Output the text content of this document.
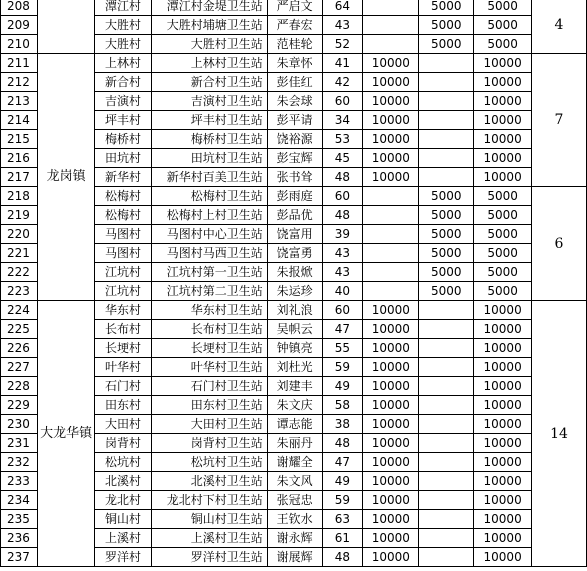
208		潭江村	潭江村金堤卫生站	严启文	64		5000	5000	4
209		大胜村	大胜村埔塘卫生站	严春宏	43		5000	5000	
210		大胜村	大胜村卫生站	范桂轮	52		5000	5000	
211	龙岗镇	上林村	上林村卫生站	朱章怀	41	10000		10000	7
212		新合村	新合村卫生站	彭佳红	42	10000		10000	
213		吉演村	吉演村卫生站	朱会球	60	10000		10000	
214		坪丰村	坪丰村卫生站	彭平请	34	10000		10000	
215		梅桥村	梅桥村卫生站	饶裕源	53	10000		10000	
216		田坑村	田坑村卫生站	彭宝辉	45	10000		10000	
217		新华村	新华村百美卫生站	张书耸	48	10000		10000	
218		松梅村	松梅村卫生站	彭雨庭	60		5000	5000	6
219		松梅村	松梅村上村卫生站	彭品优	48		5000	5000	
220		马图村	马图村中心卫生站	饶富用	39		5000	5000	
221		马图村	马图村马西卫生站	饶富勇	43		5000	5000	
222		江坑村	江坑村第一卫生站	朱报焮	43		5000	5000	
223		江坑村	江坑村第二卫生站	朱运珍	40		5000	5000	
224	大龙华镇	华东村	华东村卫生站	刘礼浪	60	10000		10000	14
225		长布村	长布村卫生站	吴帜云	47	10000		10000	
226		长埂村	长埂村卫生站	钟镇亮	55	10000		10000	
227		叶华村	叶华村卫生站	刘杜光	59	10000		10000	
228		石门村	石门村卫生站	刘建丰	49	10000		10000	
229		田东村	田东村卫生站	朱文庆	58	10000		10000	
230		大田村	大田村卫生站	谭志能	38	10000		10000	
231		岗背村	岗背村卫生站	朱丽丹	48	10000		10000	
232		松坑村	松坑村卫生站	谢耀全	47	10000		10000	
233		北溪村	北溪村卫生站	朱文风	49	10000		10000	
234		龙北村	龙北村下村卫生站	张冠忠	59	10000		10000	
235		铜山村	铜山村卫生站	王钦水	63	10000		10000	
236		上溪村	上溪村卫生站	谢永辉	61	10000		10000	
237		罗洋村	罗洋村卫生站	谢展辉	48	10000		10000	
